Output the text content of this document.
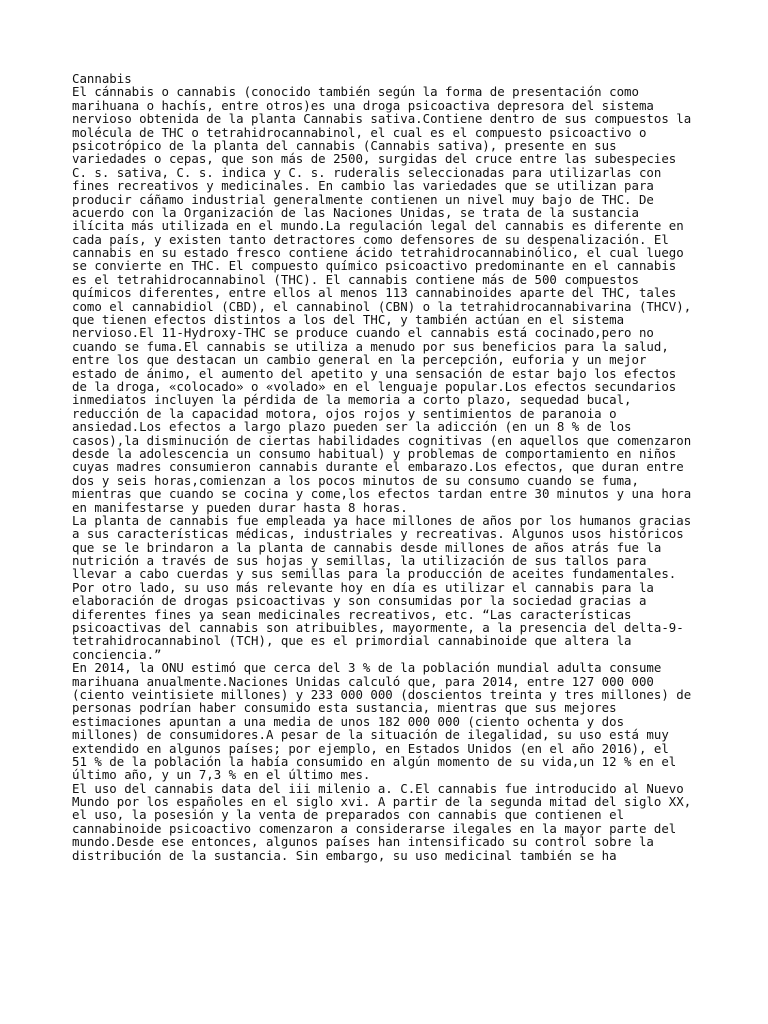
Cannabis
El cánnabis o cannabis (conocido también según la forma de presentación como
marihuana o hachís, entre otros)es una droga psicoactiva depresora del sistema
nervioso obtenida de la planta Cannabis sativa.Contiene dentro de sus compuestos la
molécula de THC o tetrahidrocannabinol, el cual es el compuesto psicoactivo o
psicotrópico de la planta del cannabis (Cannabis sativa), presente en sus
variedades o cepas, que son más de 2500, surgidas del cruce entre las subespecies
C. s. sativa, C. s. indica y C. s. ruderalis seleccionadas para utilizarlas con
fines recreativos y medicinales. En cambio las variedades que se utilizan para
producir cáñamo industrial generalmente contienen un nivel muy bajo de THC. De
acuerdo con la Organización de las Naciones Unidas, se trata de la sustancia
ilícita más utilizada en el mundo.La regulación legal del cannabis es diferente en
cada país, y existen tanto detractores como defensores de su despenalización. El
cannabis en su estado fresco contiene ácido tetrahidrocannabinólico, el cual luego
se convierte en THC. El compuesto químico psicoactivo predominante en el cannabis
es el tetrahidrocannabinol (THC). El cannabis contiene más de 500 compuestos
químicos diferentes, entre ellos al menos 113 cannabinoides aparte del THC, tales
como el cannabidiol (CBD), el cannabinol (CBN) o la tetrahidrocannabivarina (THCV),
que tienen efectos distintos a los del THC, y también actúan en el sistema
nervioso.El 11-Hydroxy-THC se produce cuando el cannabis está cocinado,pero no
cuando se fuma.El cannabis se utiliza a menudo por sus beneficios para la salud,
entre los que destacan un cambio general en la percepción, euforia y un mejor
estado de ánimo, el aumento del apetito y una sensación de estar bajo los efectos
de la droga, «colocado» o «volado» en el lenguaje popular.Los efectos secundarios
inmediatos incluyen la pérdida de la memoria a corto plazo, sequedad bucal,
reducción de la capacidad motora, ojos rojos y sentimientos de paranoia o
ansiedad.Los efectos a largo plazo pueden ser la adicción (en un 8 % de los
casos),la disminución de ciertas habilidades cognitivas (en aquellos que comenzaron
desde la adolescencia un consumo habitual) y problemas de comportamiento en niños
cuyas madres consumieron cannabis durante el embarazo.Los efectos, que duran entre
dos y seis horas,comienzan a los pocos minutos de su consumo cuando se fuma,
mientras que cuando se cocina y come,los efectos tardan entre 30 minutos y una hora
en manifestarse y pueden durar hasta 8 horas.
La planta de cannabis fue empleada ya hace millones de años por los humanos gracias
a sus características médicas, industriales y recreativas. Algunos usos históricos
que se le brindaron a la planta de cannabis desde millones de años atrás fue la
nutrición a través de sus hojas y semillas, la utilización de sus tallos para
llevar a cabo cuerdas y sus semillas para la producción de aceites fundamentales.
Por otro lado, su uso más relevante hoy en día es utilizar el cannabis para la
elaboración de drogas psicoactivas y son consumidas por la sociedad gracias a
diferentes fines ya sean medicinales recreativos, etc. “Las características
psicoactivas del cannabis son atribuibles, mayormente, a la presencia del delta-9-
tetrahidrocannabinol (TCH), que es el primordial cannabinoide que altera la
conciencia.”
En 2014, la ONU estimó que cerca del 3 % de la población mundial adulta consume
marihuana anualmente.Naciones Unidas calculó que, para 2014, entre 127 000 000
(ciento veintisiete millones) y 233 000 000 (doscientos treinta y tres millones) de
personas podrían haber consumido esta sustancia, mientras que sus mejores
estimaciones apuntan a una media de unos 182 000 000 (ciento ochenta y dos
millones) de consumidores.A pesar de la situación de ilegalidad, su uso está muy
extendido en algunos países; por ejemplo, en Estados Unidos (en el año 2016), el
51 % de la población la había consumido en algún momento de su vida,un 12 % en el
último año, y un 7,3 % en el último mes.
El uso del cannabis data del iii milenio a. C.El cannabis fue introducido al Nuevo
Mundo por los españoles en el siglo xvi. A partir de la segunda mitad del siglo XX,
el uso, la posesión y la venta de preparados con cannabis que contienen el
cannabinoide psicoactivo comenzaron a considerarse ilegales en la mayor parte del
mundo.Desde ese entonces, algunos países han intensificado su control sobre la
distribución de la sustancia. Sin embargo, su uso medicinal también se ha
